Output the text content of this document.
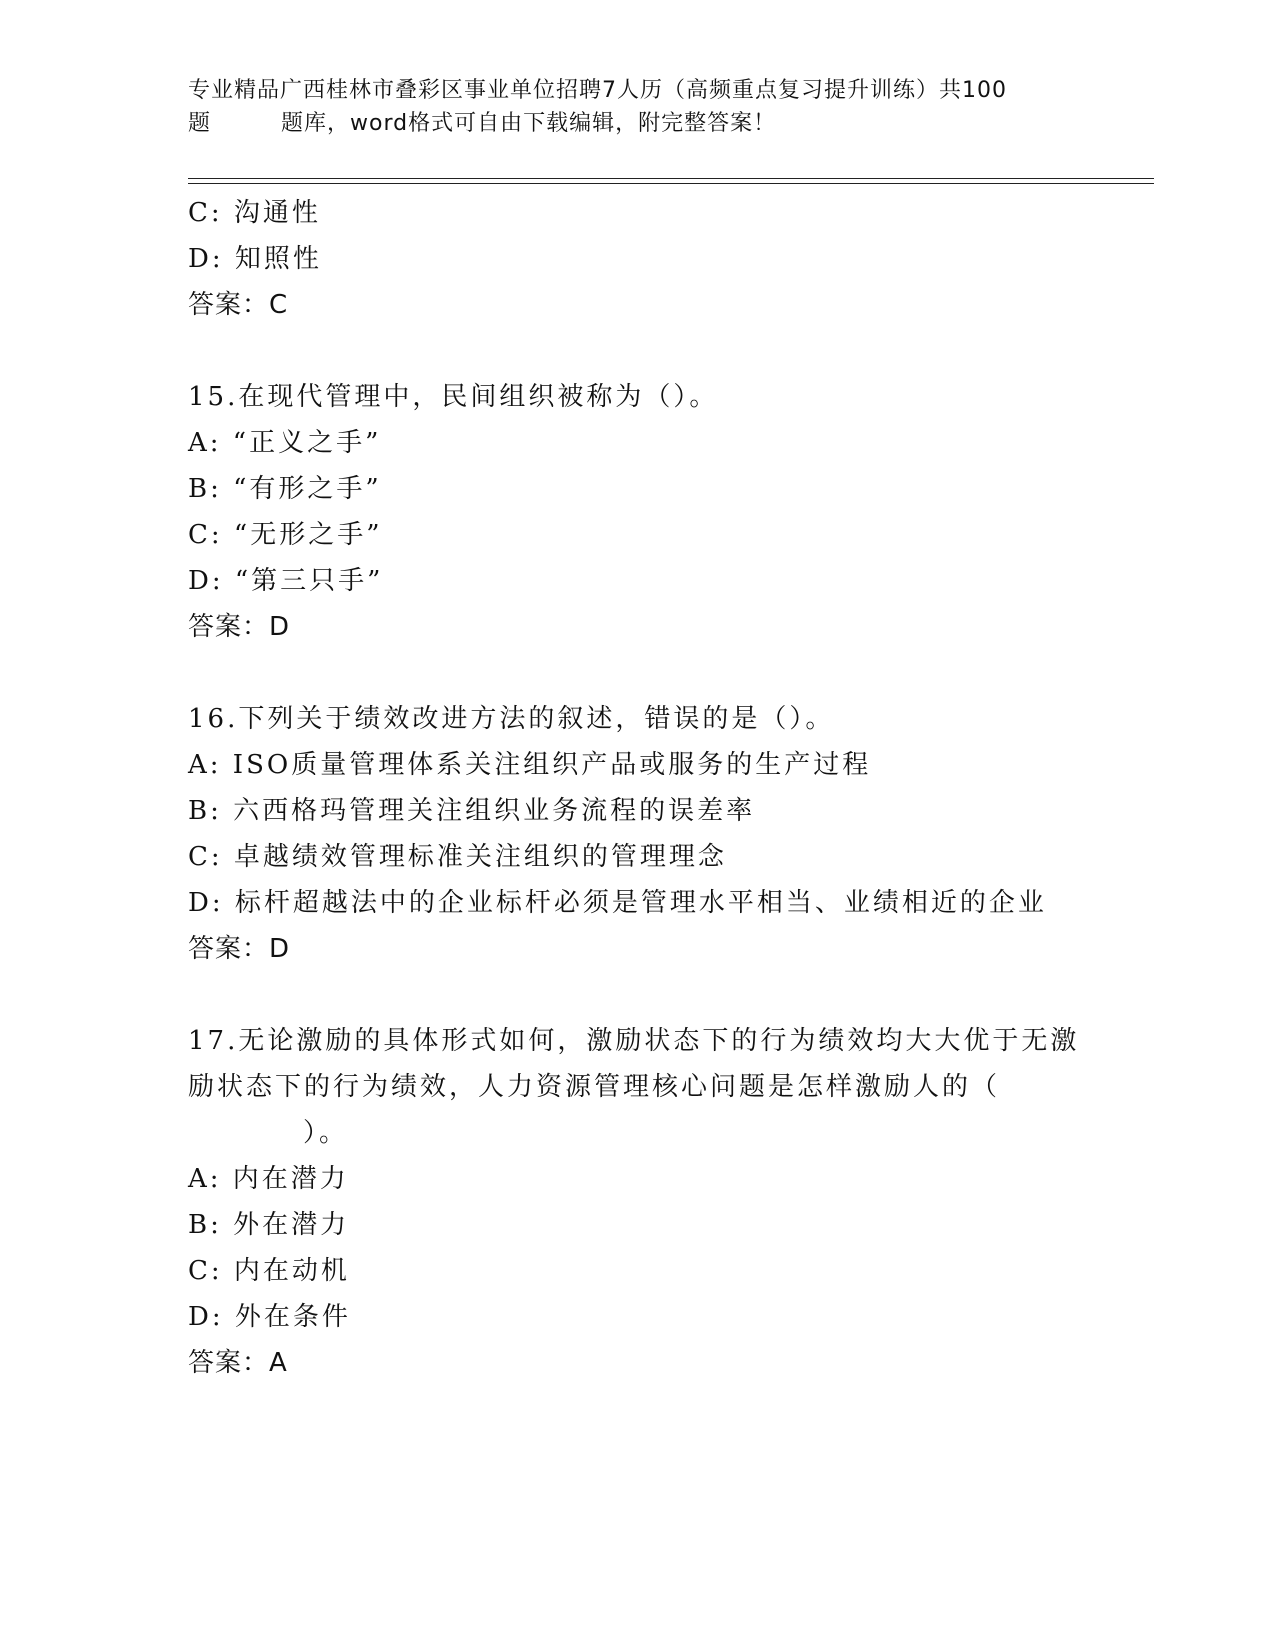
专业精品广西桂林市叠彩区事业单位招聘7人历（高频重点复习提升训练）共100
题	题库，word格式可自由下载编辑，附完整答案！
C: 沟通性
D: 知照性
答案：C
15.在现代管理中，民间组织被称为（）。
A: “正义之手”
B: “有形之手”
C: “无形之手”
D: “第三只手”
答案：D
16.下列关于绩效改进方法的叙述，错误的是（）。
A: ISO质量管理体系关注组织产品或服务的生产过程
B: 六西格玛管理关注组织业务流程的误差率
C: 卓越绩效管理标准关注组织的管理理念
D: 标杆超越法中的企业标杆必须是管理水平相当、业绩相近的企业
答案：D
17.无论激励的具体形式如何，激励状态下的行为绩效均大大优于无激
励状态下的行为绩效，人力资源管理核心问题是怎样激励人的（
）。
A: 内在潜力
B: 外在潜力
C: 内在动机
D: 外在条件
答案：A
